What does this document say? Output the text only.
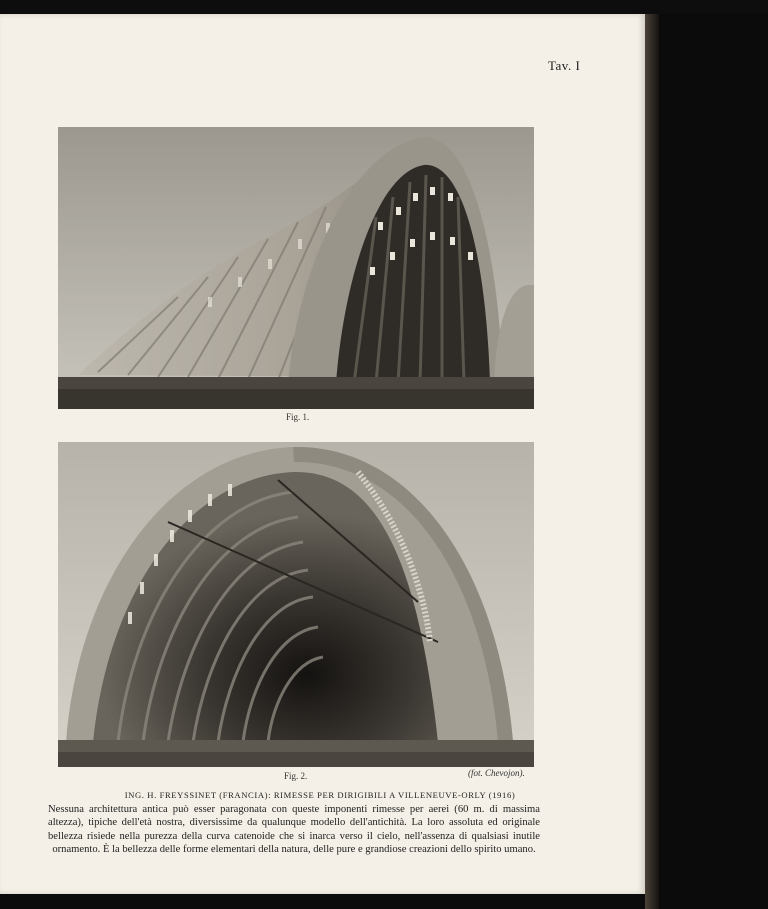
Tav. I
Fig. 1.
Fig. 2.	(fot. Chevojon).
ING. H. FREYSSINET (FRANCIA): RIMESSE PER DIRIGIBILI A VILLENEUVE-ORLY (1916)
Nessuna architettura antica può esser paragonata con queste imponenti rimesse per aerei (60 m. di massima altezza), tipiche dell'età nostra, diversissime da qualunque modello dell'antichità. La loro assoluta ed originale bellezza risiede nella purezza della curva catenoide che si inarca verso il cielo, nell'assenza di qualsiasi inutile ornamento. È la bellezza delle forme elementari della natura, delle pure e grandiose creazioni dello spirito umano.
